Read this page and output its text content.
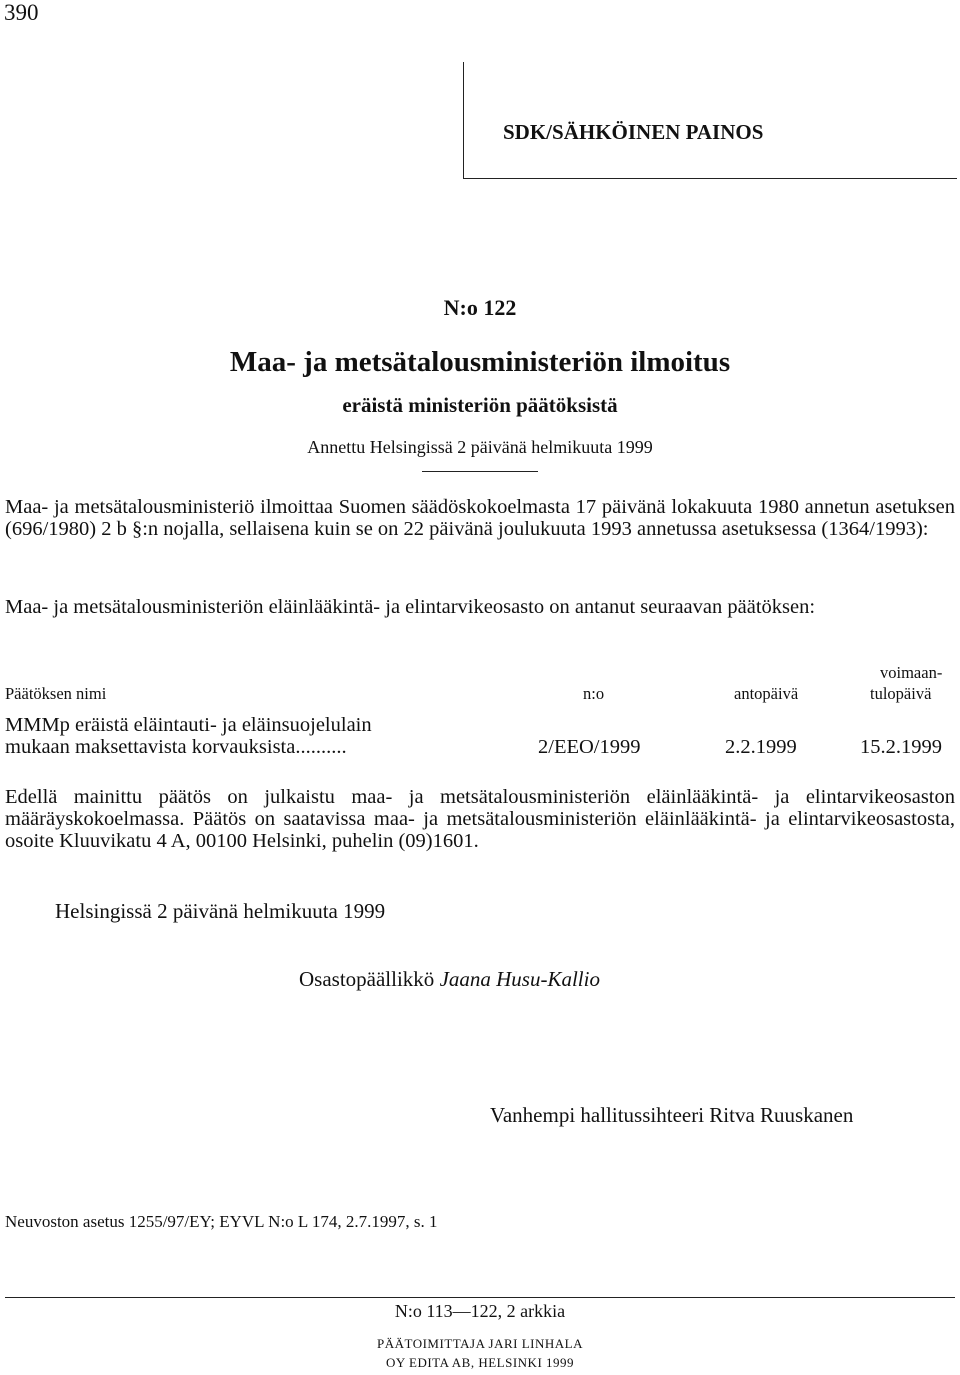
390
SDK/SÄHKÖINEN PAINOS
N:o 122
Maa- ja metsätalousministeriön ilmoitus
eräistä ministeriön päätöksistä
Annettu Helsingissä 2 päivänä helmikuuta 1999
Maa- ja metsätalousministeriö ilmoittaa Suomen säädöskokoelmasta 17 päivänä lokakuuta 1980 annetun asetuksen (696/1980) 2 b §:n nojalla, sellaisena kuin se on 22 päivänä joulukuuta 1993 annetussa asetuksessa (1364/1993):
Maa- ja metsätalousministeriön eläinlääkintä- ja elintarvikeosasto on antanut seuraavan päätöksen:
Päätöksen nimi	n:o	antopäivä
voimaan-
tulopäivä
MMMp eräistä eläintauti- ja eläinsuojelulain
mukaan maksettavista korvauksista..........	2/EEO/1999	2.2.1999	15.2.1999
Edellä mainittu päätös on julkaistu maa- ja metsätalousministeriön eläinlääkintä- ja elintarvikeosaston määräyskokoelmassa. Päätös on saatavissa maa- ja metsätalousministeriön eläinlääkintä- ja elintarvikeosastosta, osoite Kluuvikatu 4 A, 00100 Helsinki, puhelin (09)1601.
Helsingissä 2 päivänä helmikuuta 1999
Osastopäällikkö Jaana Husu-Kallio
Vanhempi hallitussihteeri Ritva Ruuskanen
Neuvoston asetus 1255/97/EY; EYVL N:o L 174, 2.7.1997, s. 1
N:o 113—122, 2 arkkia
PÄÄTOIMITTAJA JARI LINHALA
OY EDITA AB, HELSINKI 1999
